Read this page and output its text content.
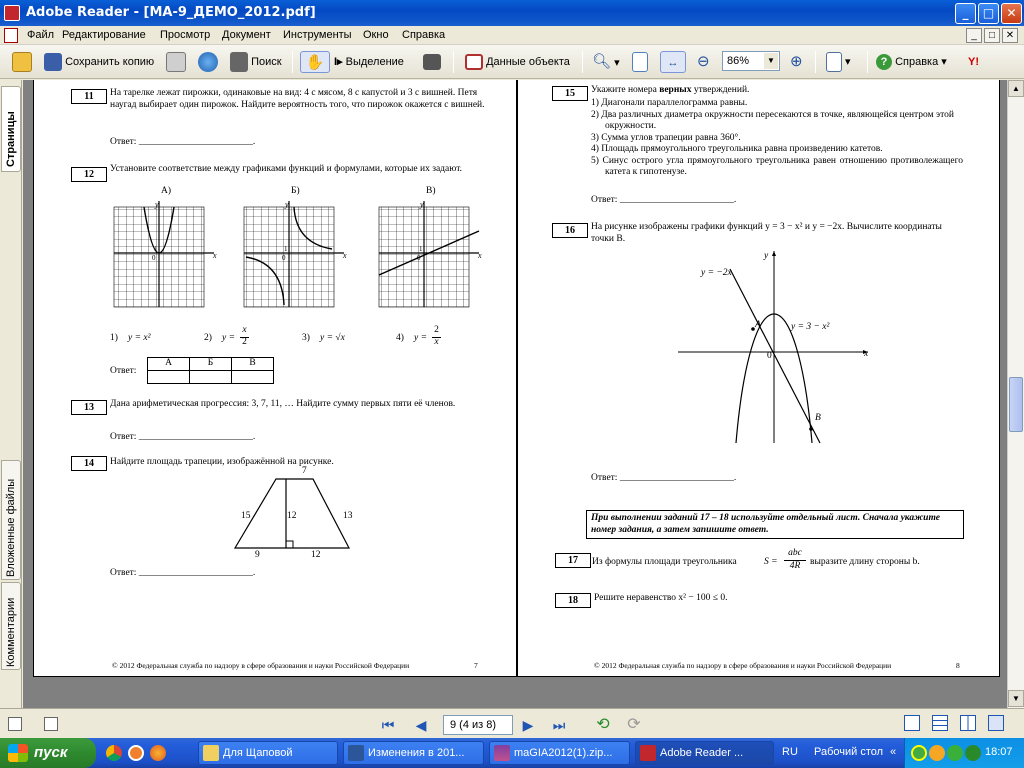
Adobe Reader - [MA-9_ДЕМО_2012.pdf]	_	□	✕
Файл Редактирование Просмотр Документ Инструменты Окно Справка	_	□	✕
Сохранить копию	Поиск	✋ I▸ Выделение	Данные объекта 🔍︎ ▾	↔	⊖	⊕	▾	? Справка ▾ Y!
86%	▼
Страницы
Вложенные файлы
Комментарии
11	На тарелке лежат пирожки, одинаковые на вид: 4 с мясом, 8 с капустой и 3 с вишней. Петя наугад выбирает один пирожок. Найдите вероятность того, что пирожок окажется с вишней.
Ответ: ________________________.
12	Установите соответствие между графиками функций и формулами, которые их задают.
А)	Б)	В)
y
x
1
0
y
x
1
0
y
x
1
0
1) y = x²	2) y =
x
2	3) y = √x	4) y =
2
x
Ответ:
А	Б	В

13	Дана арифметическая прогрессия: 3, 7, 11, … Найдите сумму первых пяти её членов.
Ответ: ________________________.
14	Найдите площадь трапеции, изображённой на рисунке.
7
15	12	13
9	12
Ответ: ________________________.
© 2012 Федеральная служба по надзору в сфере образования и науки Российской Федерации	7
15	Укажите номера верных утверждений.
1) Диагонали параллелограмма равны.
2) Два различных диаметра окружности пересекаются в точке, являющейся центром этой окружности.
3) Сумма углов трапеции равна 360°.
4) Площадь прямоугольного треугольника равна произведению катетов.
5) Синус острого угла прямоугольного треугольника равен отношению противолежащего катета к гипотенузе.
Ответ: ________________________.
16	На рисунке изображены графики функций y = 3 − x² и y = −2x. Вычислите координаты точки B.
y = −2x
y = 3 − x²
A
B
x
y
0
Ответ: ________________________.
При выполнении заданий 17 – 18 используйте отдельный лист. Сначала укажите номер задания, а затем запишите ответ.
17	Из формулы площади треугольника	S =
abc
4R	выразите длину стороны b.
18	Решите неравенство x² − 100 ≤ 0.
© 2012 Федеральная служба по надзору в сфере образования и науки Российской Федерации	8
▲
▼
⏮ ◀	9 (4 из 8)	▶ ⏭ ⟲ ⟳
пуск	Для Щаповой	Изменения в 201...	maGIA2012(1).zip...	Adobe Reader ...	RU Рабочий стол «	18:07
